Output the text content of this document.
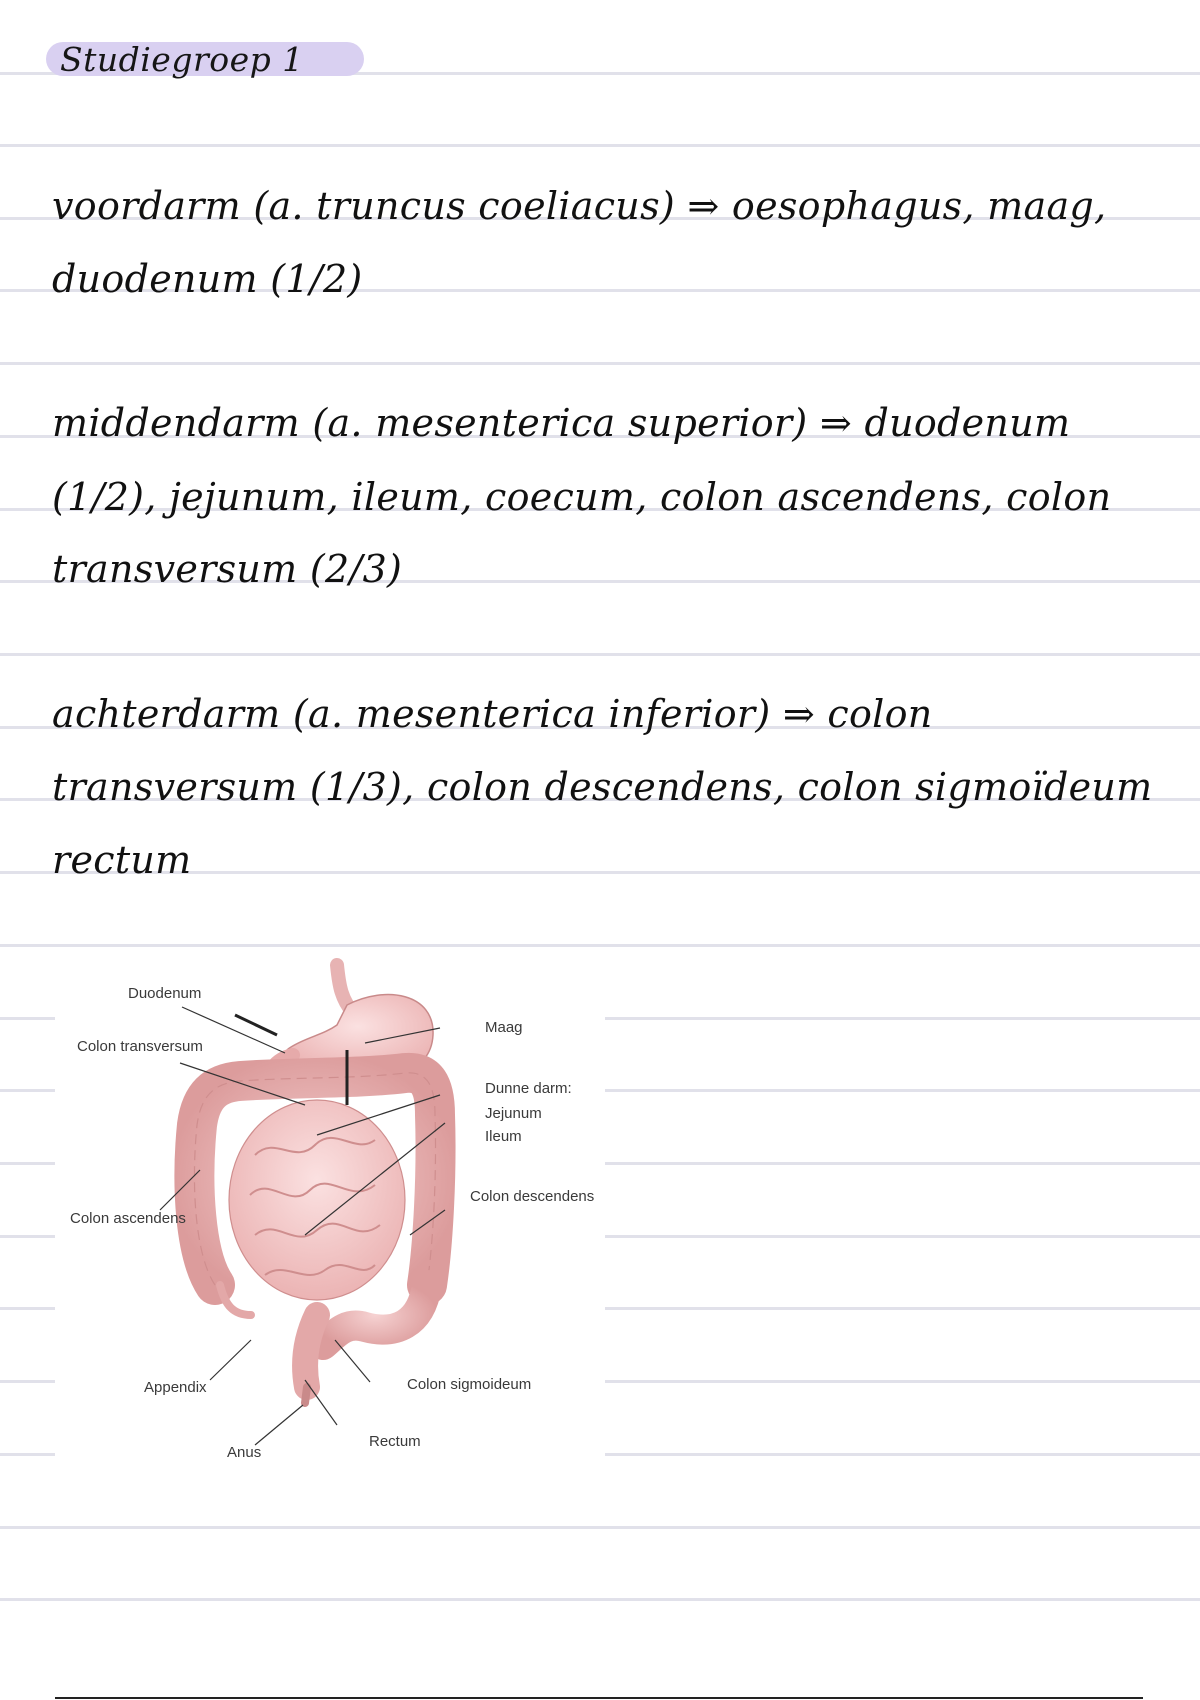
Studiegroep 1
voordarm (a. truncus coeliacus) ⇒ oesophagus, maag,
duodenum (1/2)
middendarm (a. mesenterica superior) ⇒ duodenum
(1/2), jejunum, ileum, coecum, colon ascendens, colon
transversum (2/3)
achterdarm (a. mesenterica inferior) ⇒ colon
transversum (1/3), colon descendens, colon sigmoïdeum
rectum
Duodenum
Colon transversum
Maag
Dunne darm:
Jejunum
Ileum
Colon descendens
Colon ascendens
Appendix	Colon sigmoideum
Rectum
Anus
